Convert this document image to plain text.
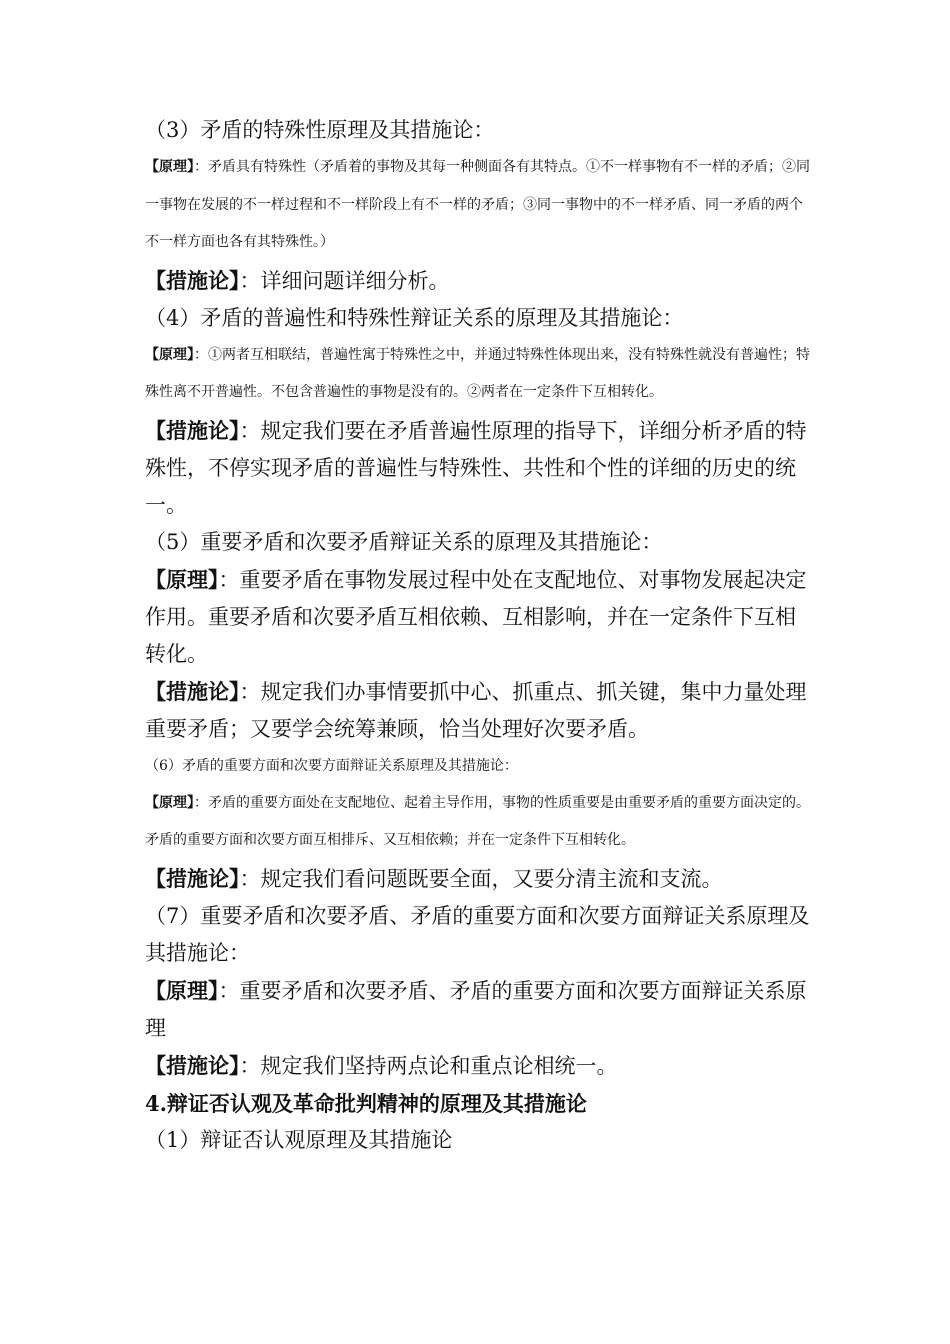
（3）矛盾的特殊性原理及其措施论：

【原理】：矛盾具有特殊性（矛盾着的事物及其每一种侧面各有其特点。①不一样事物有不一样的矛盾；②同一事物在发展的不一样过程和不一样阶段上有不一样的矛盾；③同一事物中的不一样矛盾、同一矛盾的两个不一样方面也各有其特殊性。）

【措施论】：详细问题详细分析。

（4）矛盾的普遍性和特殊性辩证关系的原理及其措施论：

【原理】：①两者互相联结，普遍性寓于特殊性之中，并通过特殊性体现出来，没有特殊性就没有普遍性；特殊性离不开普遍性。不包含普遍性的事物是没有的。②两者在一定条件下互相转化。

【措施论】：规定我们要在矛盾普遍性原理的指导下，详细分析矛盾的特殊性，不停实现矛盾的普遍性与特殊性、共性和个性的详细的历史的统一。

（5）重要矛盾和次要矛盾辩证关系的原理及其措施论：

【原理】：重要矛盾在事物发展过程中处在支配地位、对事物发展起决定作用。重要矛盾和次要矛盾互相依赖、互相影响，并在一定条件下互相转化。

【措施论】：规定我们办事情要抓中心、抓重点、抓关键，集中力量处理重要矛盾；又要学会统筹兼顾，恰当处理好次要矛盾。

（6）矛盾的重要方面和次要方面辩证关系原理及其措施论：

【原理】：矛盾的重要方面处在支配地位、起着主导作用，事物的性质重要是由重要矛盾的重要方面决定的。矛盾的重要方面和次要方面互相排斥、又互相依赖；并在一定条件下互相转化。

【措施论】：规定我们看问题既要全面，又要分清主流和支流。

（7）重要矛盾和次要矛盾、矛盾的重要方面和次要方面辩证关系原理及其措施论：

【原理】：重要矛盾和次要矛盾、矛盾的重要方面和次要方面辩证关系原理

【措施论】：规定我们坚持两点论和重点论相统一。

4.辩证否认观及革命批判精神的原理及其措施论

（1）辩证否认观原理及其措施论
